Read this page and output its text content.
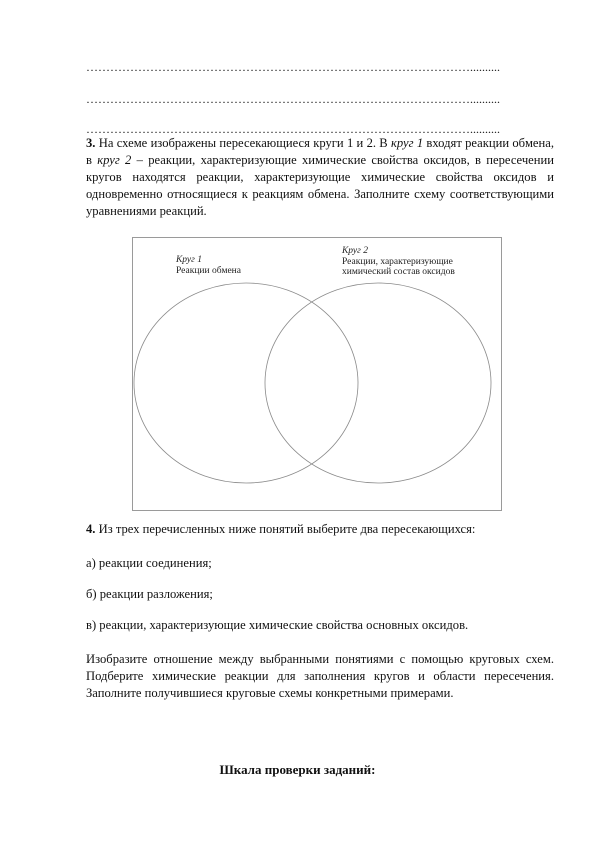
……………………………………………………………………………………..........
……………………………………………………………………………………..........
……………………………………………………………………………………..........
3. На схеме изображены пересекающиеся круги 1 и 2. В круг 1 входят реакции обмена, в круг 2 – реакции, характеризующие химические свойства оксидов, в пересечении кругов находятся реакции, характеризующие химические свойства оксидов и одновременно относящиеся к реакциям обмена. Заполните схему соответствующими уравнениями реакций.
Круг 1
Реакции обмена
Круг 2
Реакции, характеризующие
химический состав оксидов
4. Из трех перечисленных ниже понятий выберите два пересекающихся:
а) реакции соединения;
б) реакции разложения;
в) реакции, характеризующие химические свойства основных оксидов.
Изобразите отношение между выбранными понятиями с помощью круговых схем. Подберите химические реакции для заполнения кругов и области пересечения. Заполните получившиеся круговые схемы конкретными примерами.
Шкала проверки заданий:
